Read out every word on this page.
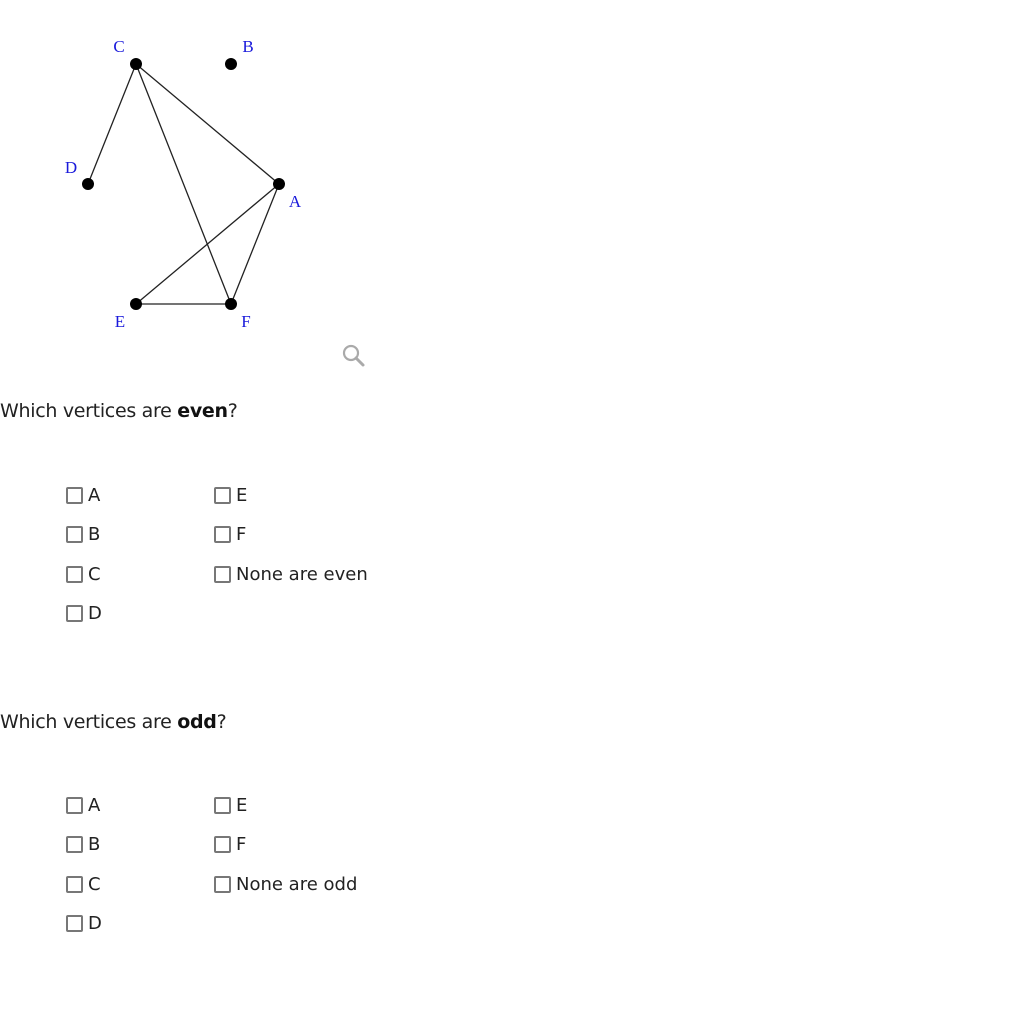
C	B
D
A
E	F
Which vertices are even?
A
B
C
D
E
F
None are even
Which vertices are odd?
A
B
C
D
E
F
None are odd
